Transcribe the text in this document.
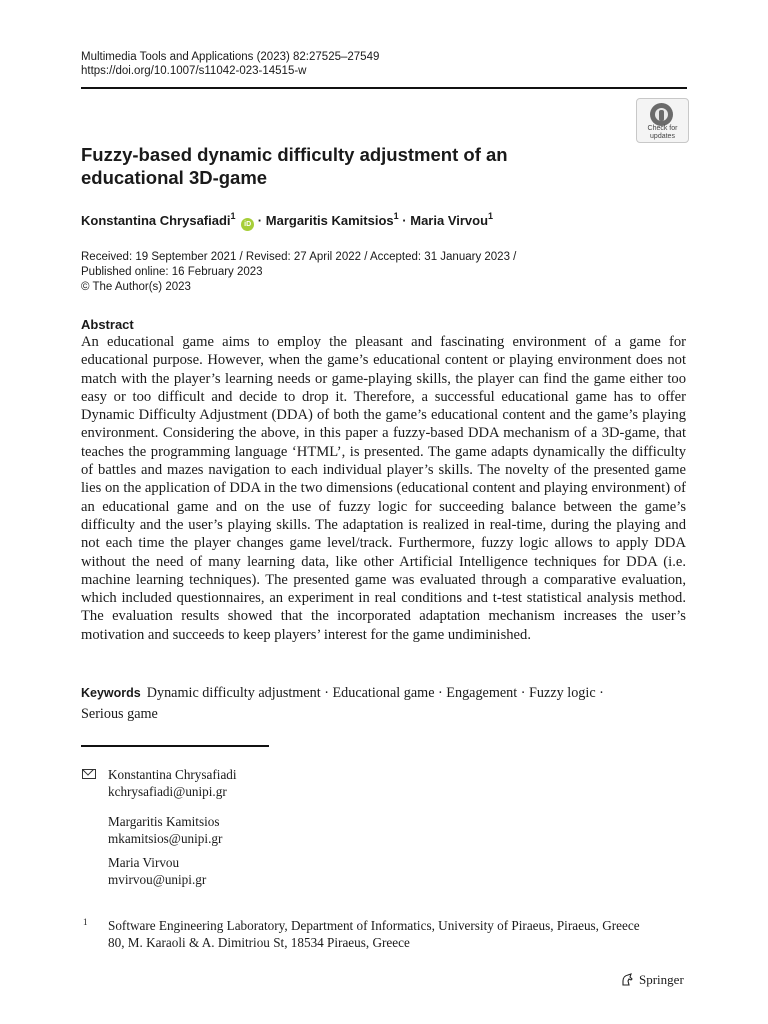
Multimedia Tools and Applications (2023) 82:27525–27549
https://doi.org/10.1007/s11042-023-14515-w
Check for
updates
Fuzzy-based dynamic difficulty adjustment of an
educational 3D-game
Konstantina Chrysafiadi$^1$ iD · Margaritis Kamitsios$^1$ · Maria Virvou$^1$
Received: 19 September 2021 / Revised: 27 April 2022 / Accepted: 31 January 2023 /
Published online: 16 February 2023
© The Author(s) 2023
Abstract

An educational game aims to employ the pleasant and fascinating environment of a game for educational purpose. However, when the game’s educational content or playing environment does not match with the player’s learning needs or game-playing skills, the player can find the game either too easy or too difficult and decide to drop it. Therefore, a successful educational game has to offer Dynamic Difficulty Adjustment (DDA) of both the game’s educational content and the game’s playing environment. Considering the above, in this paper a fuzzy-based DDA mechanism of a 3D-game, that teaches the programming language ‘HTML’, is presented. The game adapts dynamically the difficulty of battles and mazes navigation to each individual player’s skills. The novelty of the presented game lies on the application of DDA in the two dimensions (educational content and playing environment) of an educational game and on the use of fuzzy logic for succeeding balance between the game’s difficulty and the user’s playing skills. The adaptation is realized in real-time, during the playing and not each time the player changes game level/track. Furthermore, fuzzy logic allows to apply DDA without the need of many learning data, like other Artificial Intelligence techniques for DDA (i.e. machine learning techniques). The presented game was evaluated through a comparative evaluation, which included questionnaires, an experiment in real conditions and t-test statistical analysis method. The evaluation results showed that the incorporated adaptation mechanism increases the user’s motivation and succeeds to keep players’ interest for the game undiminished.

Keywords Dynamic difficulty adjustment · Educational game · Engagement · Fuzzy logic ·
Serious game
Konstantina Chrysafiadi
kchrysafiadi@unipi.gr
Margaritis Kamitsios
mkamitsios@unipi.gr
Maria Virvou
mvirvou@unipi.gr
1 Software Engineering Laboratory, Department of Informatics, University of Piraeus, Piraeus, Greece
80, M. Karaoli & A. Dimitriou St, 18534 Piraeus, Greece
Springer
